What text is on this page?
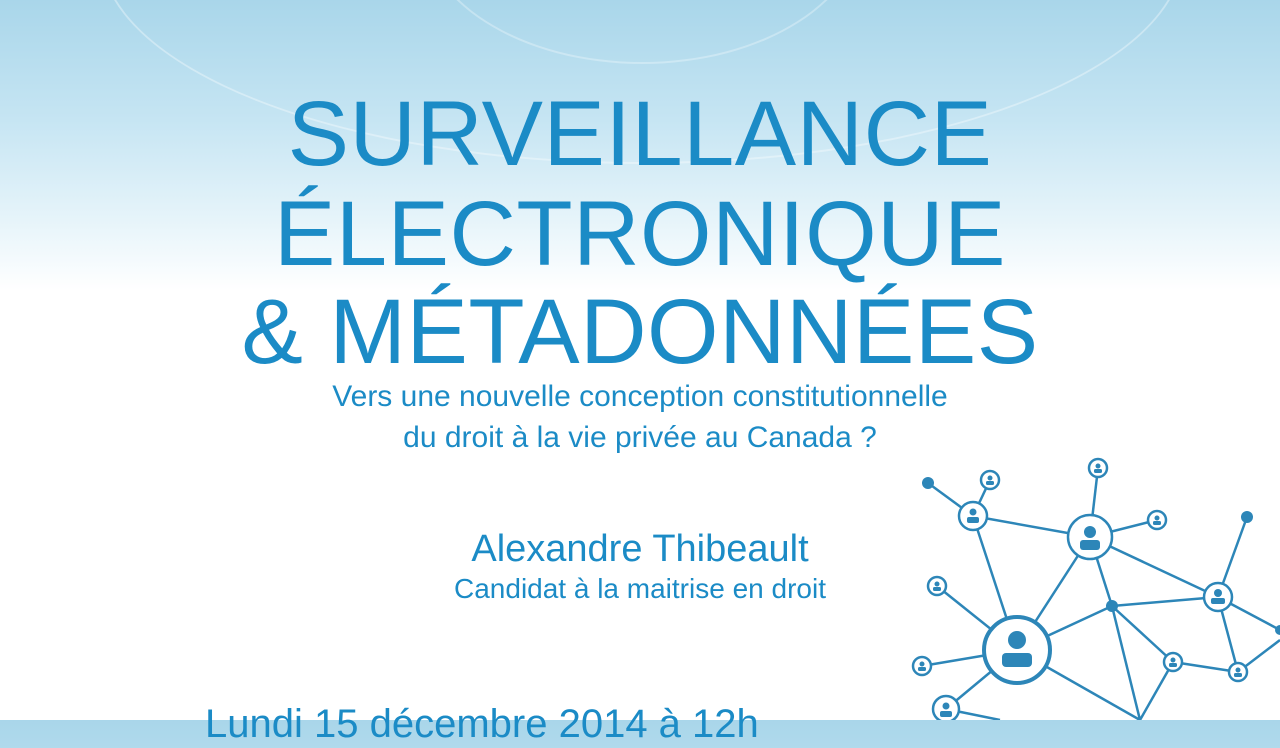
SURVEILLANCE
ÉLECTRONIQUE
& MÉTADONNÉES
Vers une nouvelle conception constitutionnelle
du droit à la vie privée au Canada ?
Alexandre Thibeault
Candidat à la maitrise en droit
Lundi 15 décembre 2014 à 12h
